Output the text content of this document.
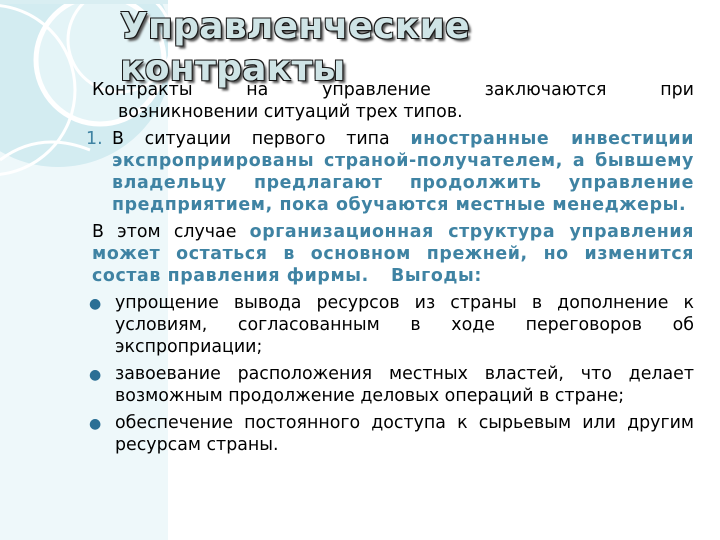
Управленческие
контракты
Контракты на управление заключаются при
возникновении ситуаций трех типов.
1. В ситуации первого типа иностранные инвестиции экспроприированы страной-получателем, а бывшему владельцу предлагают продолжить управление предприятием, пока обучаются местные менеджеры.
В этом случае организационная структура управления может остаться в основном прежней, но изменится состав правления фирмы. Выгоды:
● упрощение вывода ресурсов из страны в дополнение к условиям, согласованным в ходе переговоров об экспроприации;
● завоевание расположения местных властей, что делает возможным продолжение деловых операций в стране;
● обеспечение постоянного доступа к сырьевым или другим ресурсам страны.
